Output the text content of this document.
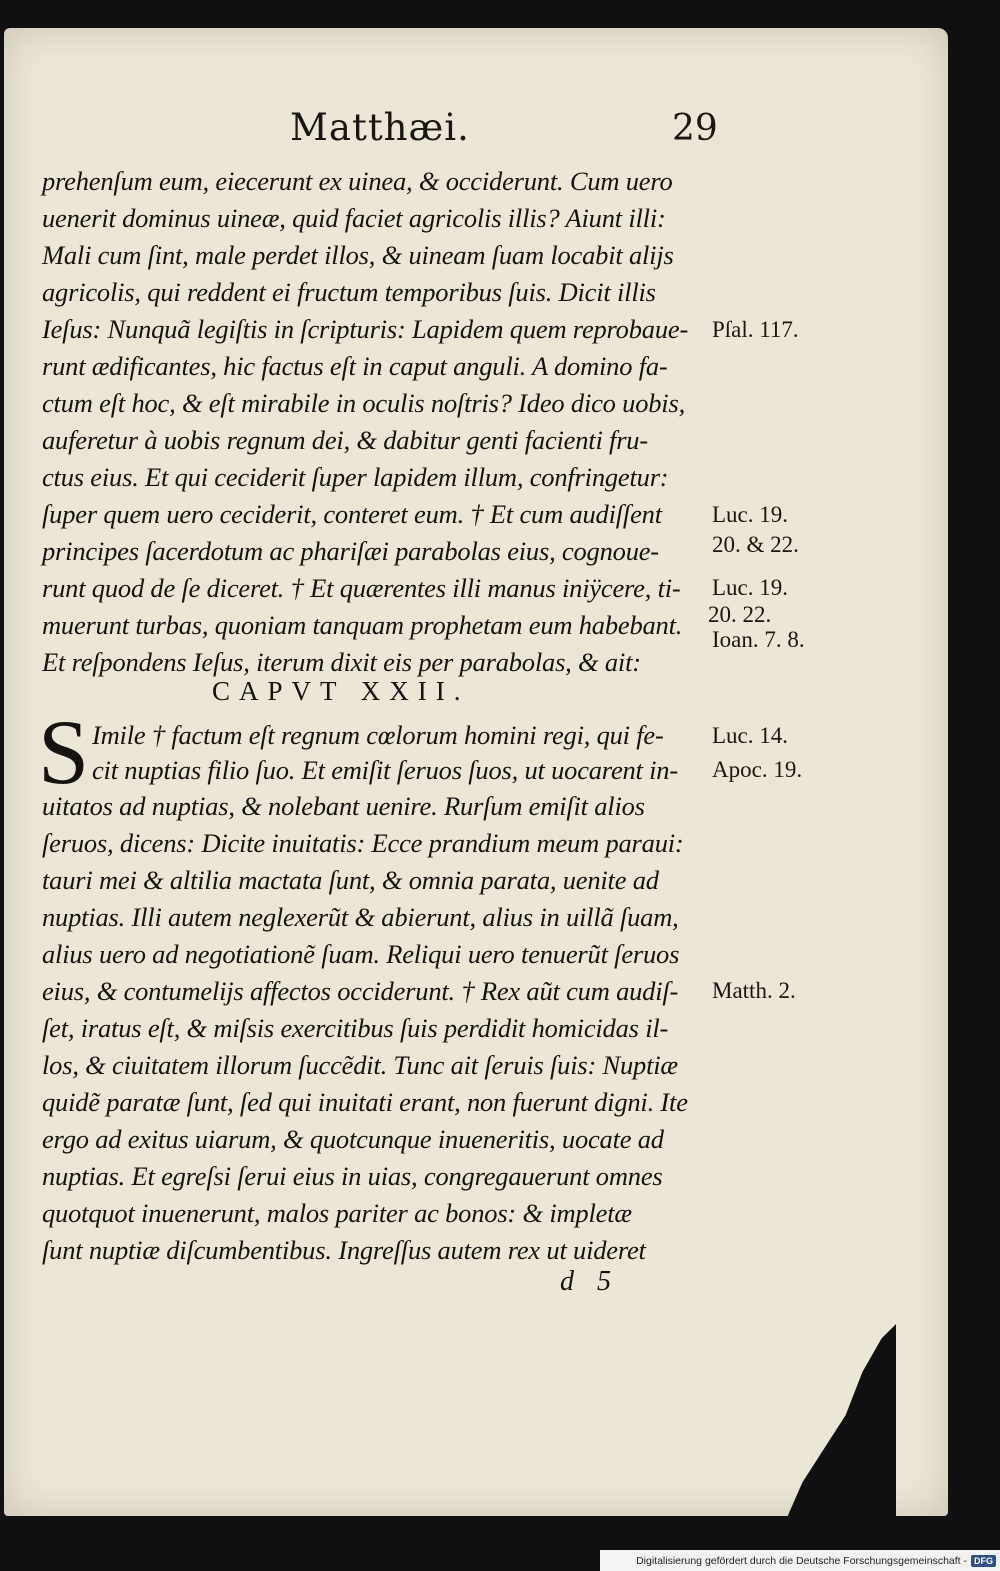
Matthæi.	29
prehenſum eum, eiecerunt ex uinea, & occiderunt. Cum uero
uenerit dominus uineæ, quid faciet agricolis illis? Aiunt illi:
Mali cum ſint, male perdet illos, & uineam ſuam locabit alijs
agricolis, qui reddent ei fructum temporibus ſuis. Dicit illis
Ieſus: Nunquã legiſtis in ſcripturis: Lapidem quem reprobaue-
runt ædificantes, hic factus eſt in caput anguli. A domino fa-
ctum eſt hoc, & eſt mirabile in oculis noſtris? Ideo dico uobis,
auferetur à uobis regnum dei, & dabitur genti facienti fru-
ctus eius. Et qui ceciderit ſuper lapidem illum, confringetur:
ſuper quem uero ceciderit, conteret eum. † Et cum audiſſent
principes ſacerdotum ac phariſæi parabolas eius, cognoue-
runt quod de ſe diceret. † Et quærentes illi manus iniÿcere, ti-
muerunt turbas, quoniam tanquam prophetam eum habebant.
Et reſpondens Ieſus, iterum dixit eis per parabolas, & ait:
CAPVT XXII.
S Imile † factum eſt regnum cœlorum homini regi, qui fe-
cit nuptias filio ſuo. Et emiſit ſeruos ſuos, ut uocarent in-
uitatos ad nuptias, & nolebant uenire. Rurſum emiſit alios
ſeruos, dicens: Dicite inuitatis: Ecce prandium meum paraui:
tauri mei & altilia mactata ſunt, & omnia parata, uenite ad
nuptias. Illi autem neglexerũt & abierunt, alius in uillã ſuam,
alius uero ad negotiationẽ ſuam. Reliqui uero tenuerũt ſeruos
eius, & contumelijs affectos occiderunt. † Rex aũt cum audiſ-
ſet, iratus eſt, & miſsis exercitibus ſuis perdidit homicidas il-
los, & ciuitatem illorum ſuccẽdit. Tunc ait ſeruis ſuis: Nuptiæ
quidẽ paratæ ſunt, ſed qui inuitati erant, non fuerunt digni. Ite
ergo ad exitus uiarum, & quotcunque inueneritis, uocate ad
nuptias. Et egreſsi ſerui eius in uias, congregauerunt omnes
quotquot inuenerunt, malos pariter ac bonos: & impletæ
ſunt nuptiæ diſcumbentibus. Ingreſſus autem rex ut uideret
Pſal. 117.
Luc. 19.
20. & 22.
Luc. 19.
20. 22.
Ioan. 7. 8.
Luc. 14.
Apoc. 19.
Matth. 2.
d 5
Digitalisierung gefördert durch die Deutsche Forschungsgemeinschaft - DFG
